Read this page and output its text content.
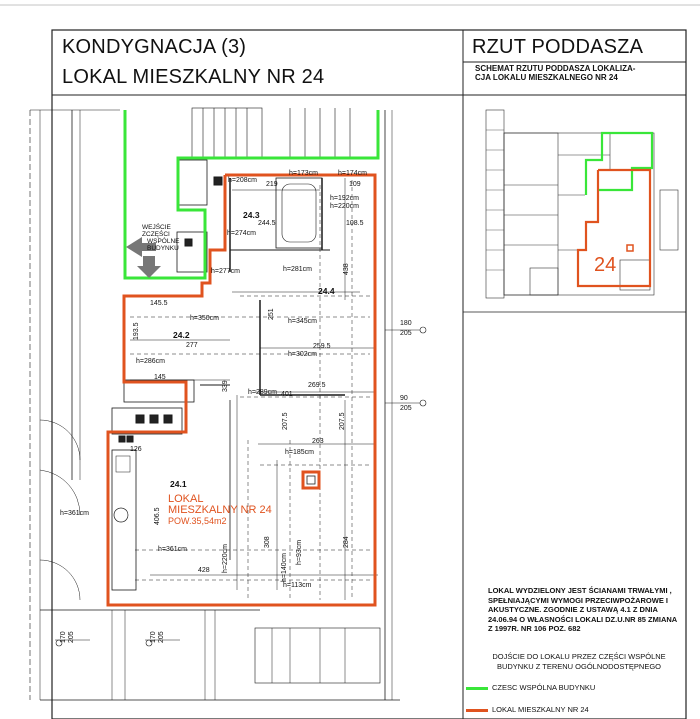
KONDYGNACJA (3)
LOKAL MIESZKALNY NR 24
RZUT PODDASZA
SCHEMAT RZUTU PODDASZA LOKALIZA-
CJA LOKALU MIESZKALNEGO NR 24
24.3
24.4
24.2
24.1
LOKAL
MIESZKALNY NR 24
POW.35,54m2
WEJŚCIE Z CZĘŚCI
WSPÓLNE
BUDYNKU
h=208cm
h=173cm	h=174cm
h=192cm
h=220cm
h=274cm
h=277cm	h=281cm
h=350cm	h=345cm
h=302cm
h=286cm
h=289cm
h=185cm
h=361cm
h=361cm	h=220cm	h=140cm
h=93cm
h=113cm
219	109
244.5	108.5
145.5
277
193.5
251
259.5
145
269.5
401
207.5	207.5
263
438
339
406.5
428
308	284
126
180
205
90
205
170 205	170 205
24
LOKAL WYDZIELONY JEST ŚCIANAMI TRWAŁYMI , SPEŁNIAJĄCYMI WYMOGI PRZECIWPOŻAROWE I AKUSTYCZNE. ZGODNIE Z USTAWĄ 4.1 Z DNIA 24.06.94 O WŁASNOŚCI LOKALI DZ.U.NR 85 ZMIANA Z 1997R. NR 106 POZ. 682
DOJŚCIE DO LOKALU PRZEZ CZĘŚCI WSPÓLNE BUDYNKU Z TERENU OGÓLNODOSTĘPNEGO
CZESC WSPÓLNA BUDYNKU
LOKAL MIESZKALNY NR 24
